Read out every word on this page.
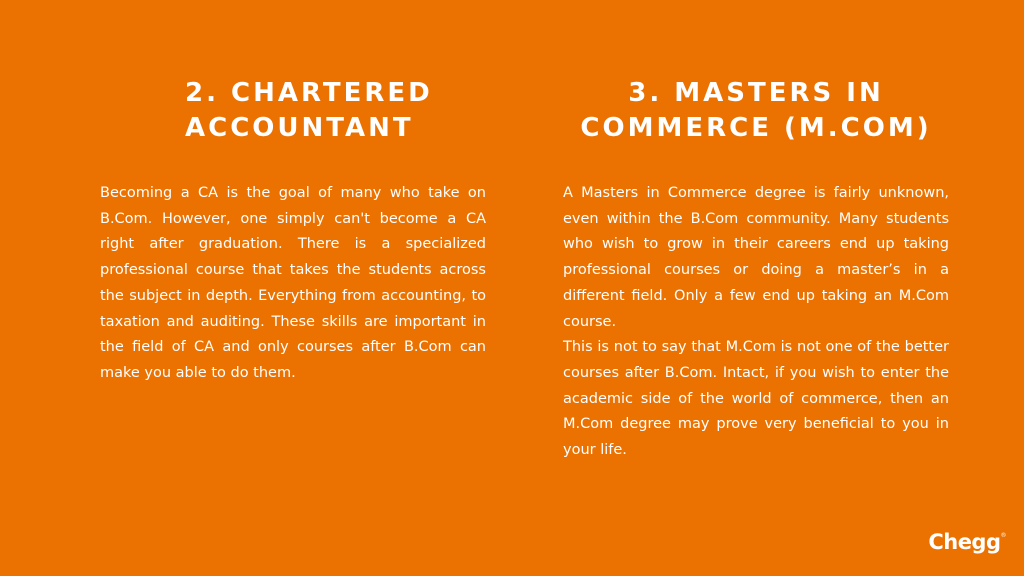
2. CHARTERED
ACCOUNTANT

Becoming a CA is the goal of many who take on B.Com. However, one simply can't become a CA right after graduation. There is a specialized professional course that takes the students across the subject in depth. Everything from accounting, to taxation and auditing. These skills are important in the field of CA and only courses after B.Com can make you able to do them.

3. MASTERS IN
COMMERCE (M.COM)

A Masters in Commerce degree is fairly unknown, even within the B.Com community. Many students who wish to grow in their careers end up taking professional courses or doing a master’s in a different field. Only a few end up taking an M.Com course.

This is not to say that M.Com is not one of the better courses after B.Com. Intact, if you wish to enter the academic side of the world of commerce, then an M.Com degree may prove very beneficial to you in your life.

Chegg®
